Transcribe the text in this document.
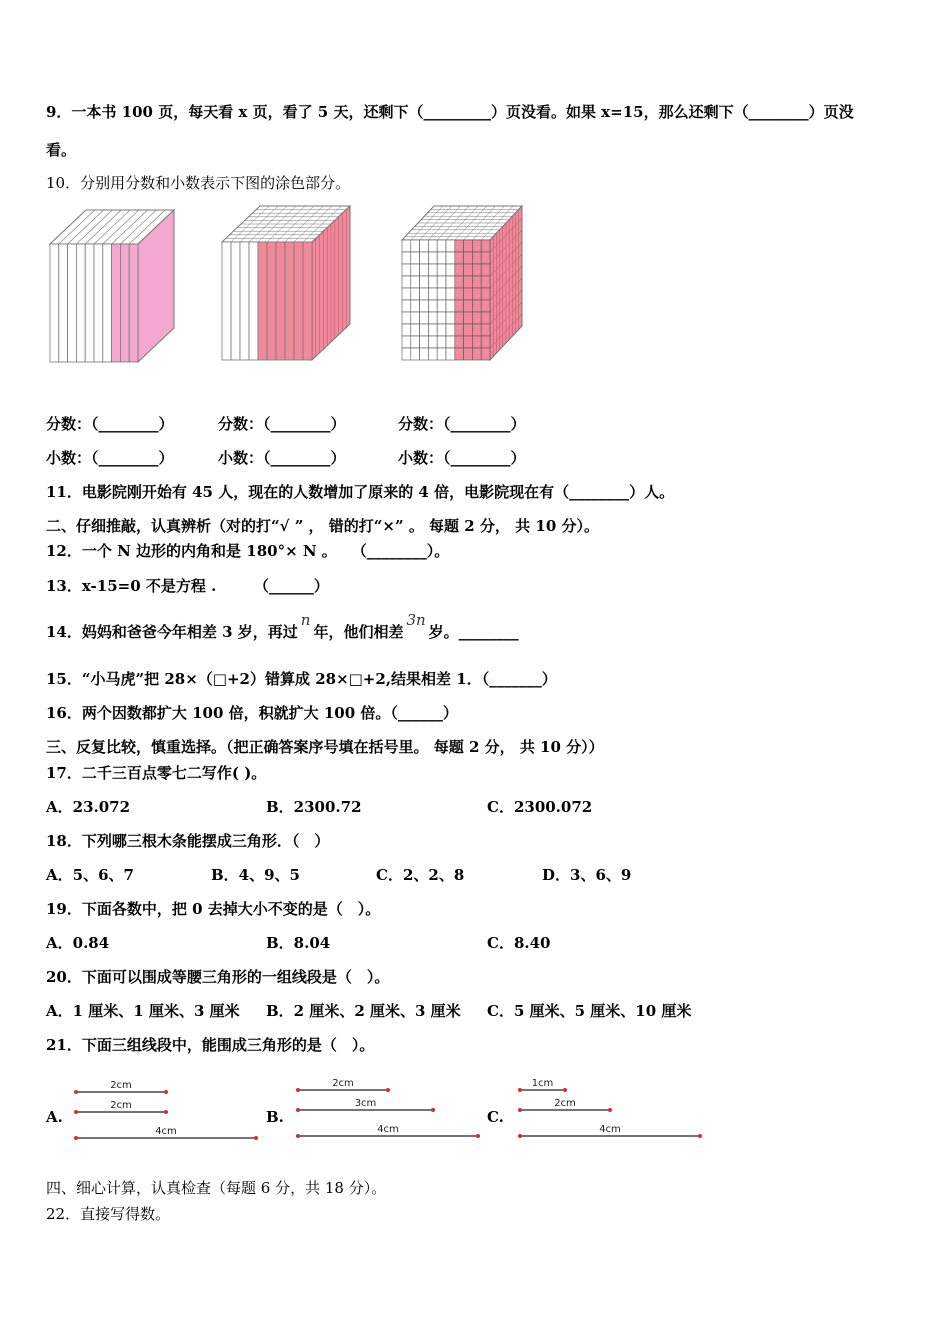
9．一本书 100 页，每天看 x 页，看了 5 天，还剩下（_________）页没看。如果 x=15，那么还剩下（________）页没
看。
10．分别用分数和小数表示下图的涂色部分。
分数：（________）	分数：（________）	分数：（________）
小数：（________）	小数：（________）	小数：（________）
11．电影院刚开始有 45 人，现在的人数增加了原来的 4 倍，电影院现在有（________）人。
二、仔细推敲，认真辨析（对的打“√ ” ， 错的打“×” 。 每题 2 分， 共 10 分）。
12．一个 N 边形的内角和是 180°× N 。　　（________）。
13．x-15=0 不是方程 .　　　（______）
14．妈妈和爸爸今年相差 3 岁，再过n年，他们相差3n岁。________
15．“小马虎”把 28×（□+2）错算成 28×□+2,结果相差 1．（_______）
16．两个因数都扩大 100 倍，积就扩大 100 倍。（______）
三、反复比较，慎重选择。（把正确答案序号填在括号里。 每题 2 分， 共 10 分））
17．二千三百点零七二写作( )。
A．23.072	B．2300.72	C．2300.072
18．下列哪三根木条能摆成三角形．（　）
A．5、6、7	B．4、9、5	C．2、2、8	D．3、6、9
19．下面各数中，把 0 去掉大小不变的是（　）。
A．0.84	B．8.04	C．8.40
20．下面可以围成等腰三角形的一组线段是（　）。
A．1 厘米、1 厘米、3 厘米 B．2 厘米、2 厘米、3 厘米 C．5 厘米、5 厘米、10 厘米
21．下面三组线段中，能围成三角形的是（　）。
A.	B.	C.
2cm
2cm
4cm
2cm
3cm
4cm
1cm
2cm
4cm
四、细心计算，认真检查（每题 6 分，共 18 分）。
22．直接写得数。
